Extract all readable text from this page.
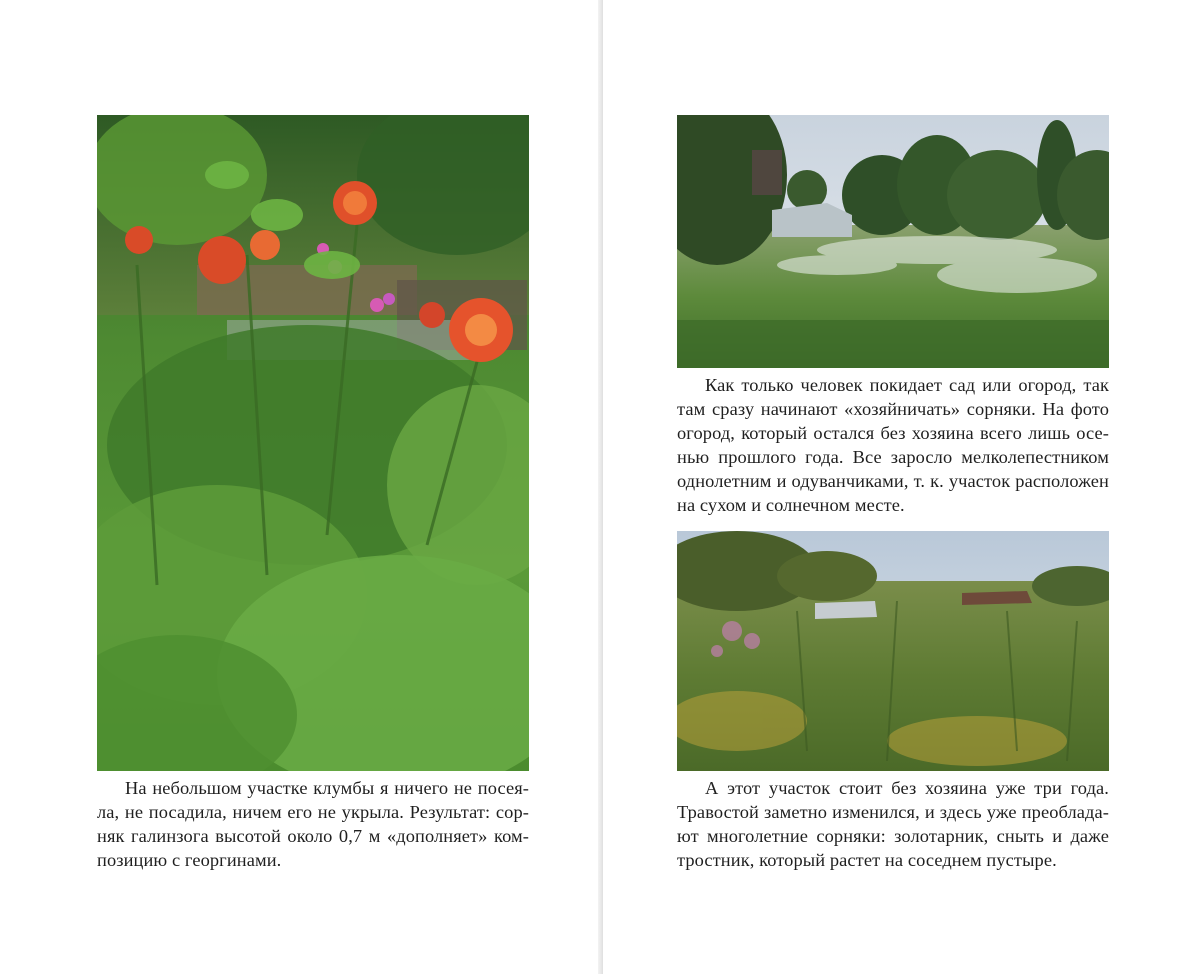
На небольшом участке клумбы я ничего не посея-
ла, не посадила, ничем его не укрыла. Результат: сор-
няк галинзога высотой около 0,7 м «дополняет» ком-
позицию с георгинами.

Как только человек покидает сад или огород, так
там сразу начинают «хозяйничать» сорняки. На фото
огород, который остался без хозяина всего лишь осе-
нью прошлого года. Все заросло мелколепестником
однолетним и одуванчиками, т. к. участок расположен
на сухом и солнечном месте.

А этот участок стоит без хозяина уже три года.
Травостой заметно изменился, и здесь уже преоблада-
ют многолетние сорняки: золотарник, сныть и даже
тростник, который растет на соседнем пустыре.
